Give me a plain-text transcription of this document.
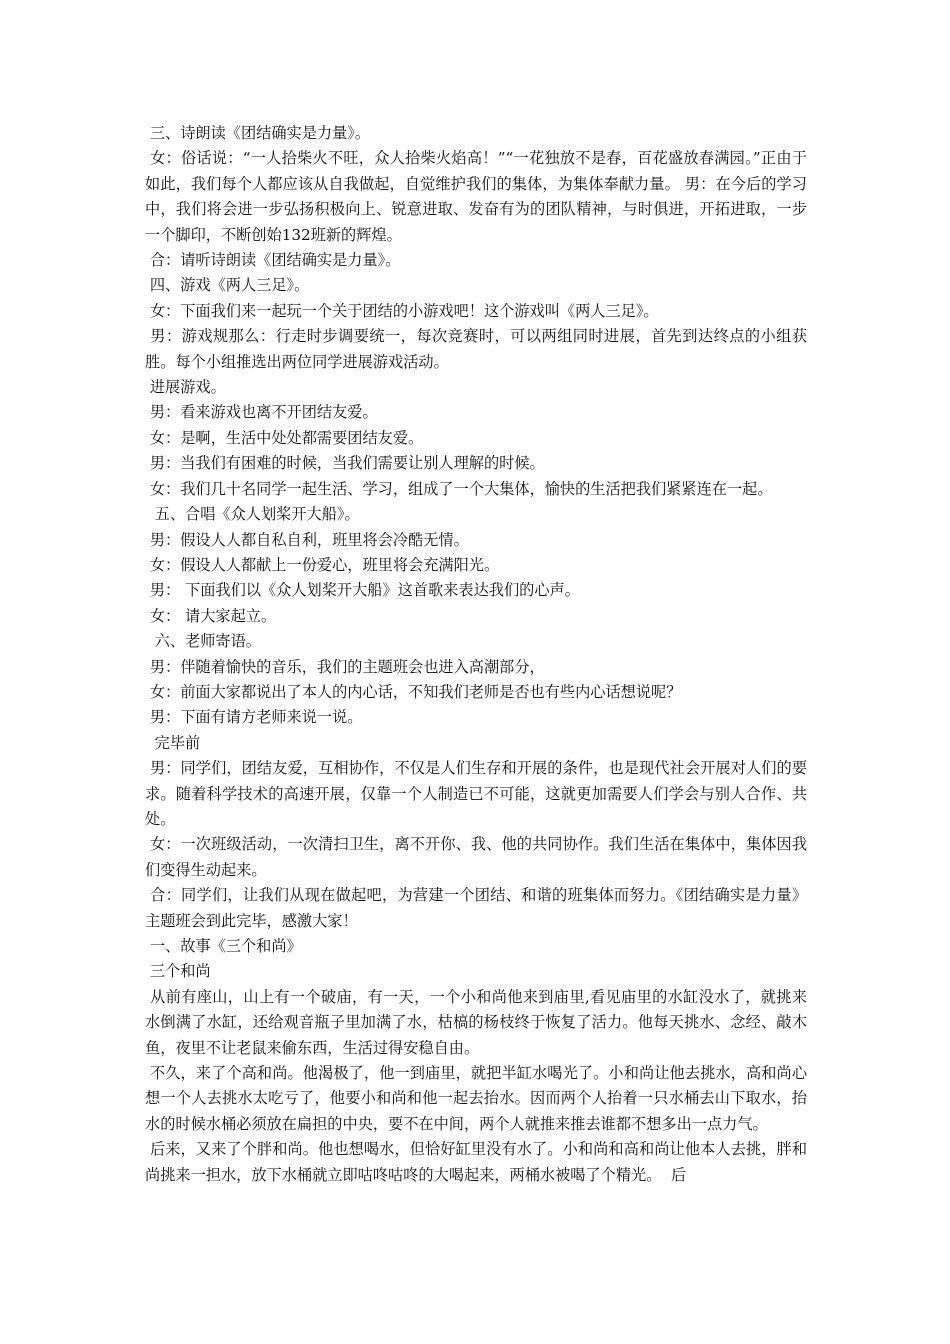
三、诗朗读《团结确实是力量》。

女：俗话说：“一人拾柴火不旺，众人拾柴火焰高！”“一花独放不是春，百花盛放春满园。”正由于如此，我们每个人都应该从自我做起，自觉维护我们的集体，为集体奉献力量。 男：在今后的学习中，我们将会进一步弘扬积极向上、锐意进取、发奋有为的团队精神，与时俱进，开拓进取，一步一个脚印，不断创始132班新的辉煌。

合：请听诗朗读《团结确实是力量》。

四、游戏《两人三足》。

女：下面我们来一起玩一个关于团结的小游戏吧！这个游戏叫《两人三足》。

男：游戏规那么：行走时步调要统一，每次竞赛时，可以两组同时进展，首先到达终点的小组获胜。每个小组推选出两位同学进展游戏活动。

进展游戏。

男：看来游戏也离不开团结友爱。

女：是啊，生活中处处都需要团结友爱。

男：当我们有困难的时候，当我们需要让别人理解的时候。

女：我们几十名同学一起生活、学习，组成了一个大集体，愉快的生活把我们紧紧连在一起。

五、合唱《众人划桨开大船》。

男：假设人人都自私自利，班里将会冷酷无情。

女：假设人人都献上一份爱心，班里将会充满阳光。

男： 下面我们以《众人划桨开大船》这首歌来表达我们的心声。

女： 请大家起立。

六、老师寄语。

男：伴随着愉快的音乐，我们的主题班会也进入高潮部分，

女：前面大家都说出了本人的内心话，不知我们老师是否也有些内心话想说呢？

男：下面有请方老师来说一说。

完毕前

男：同学们，团结友爱，互相协作，不仅是人们生存和开展的条件，也是现代社会开展对人们的要求。随着科学技术的高速开展，仅靠一个人制造已不可能，这就更加需要人们学会与别人合作、共处。

女：一次班级活动，一次清扫卫生，离不开你、我、他的共同协作。我们生活在集体中，集体因我们变得生动起来。

合：同学们，让我们从现在做起吧，为营建一个团结、和谐的班集体而努力。《团结确实是力量》主题班会到此完毕，感激大家！

一、故事《三个和尚》

三个和尚

从前有座山，山上有一个破庙，有一天，一个小和尚他来到庙里,看见庙里的水缸没水了，就挑来水倒满了水缸，还给观音瓶子里加满了水，枯槁的杨枝终于恢复了活力。他每天挑水、念经、敲木鱼，夜里不让老鼠来偷东西，生活过得安稳自由。

不久，来了个高和尚。他渴极了，他一到庙里，就把半缸水喝光了。小和尚让他去挑水，高和尚心想一个人去挑水太吃亏了，他要小和尚和他一起去抬水。因而两个人抬着一只水桶去山下取水，抬水的时候水桶必须放在扁担的中央，要不在中间，两个人就推来推去谁都不想多出一点力气。

后来，又来了个胖和尚。他也想喝水，但恰好缸里没有水了。小和尚和高和尚让他本人去挑，胖和尚挑来一担水，放下水桶就立即咕咚咕咚的大喝起来，两桶水被喝了个精光。  后
